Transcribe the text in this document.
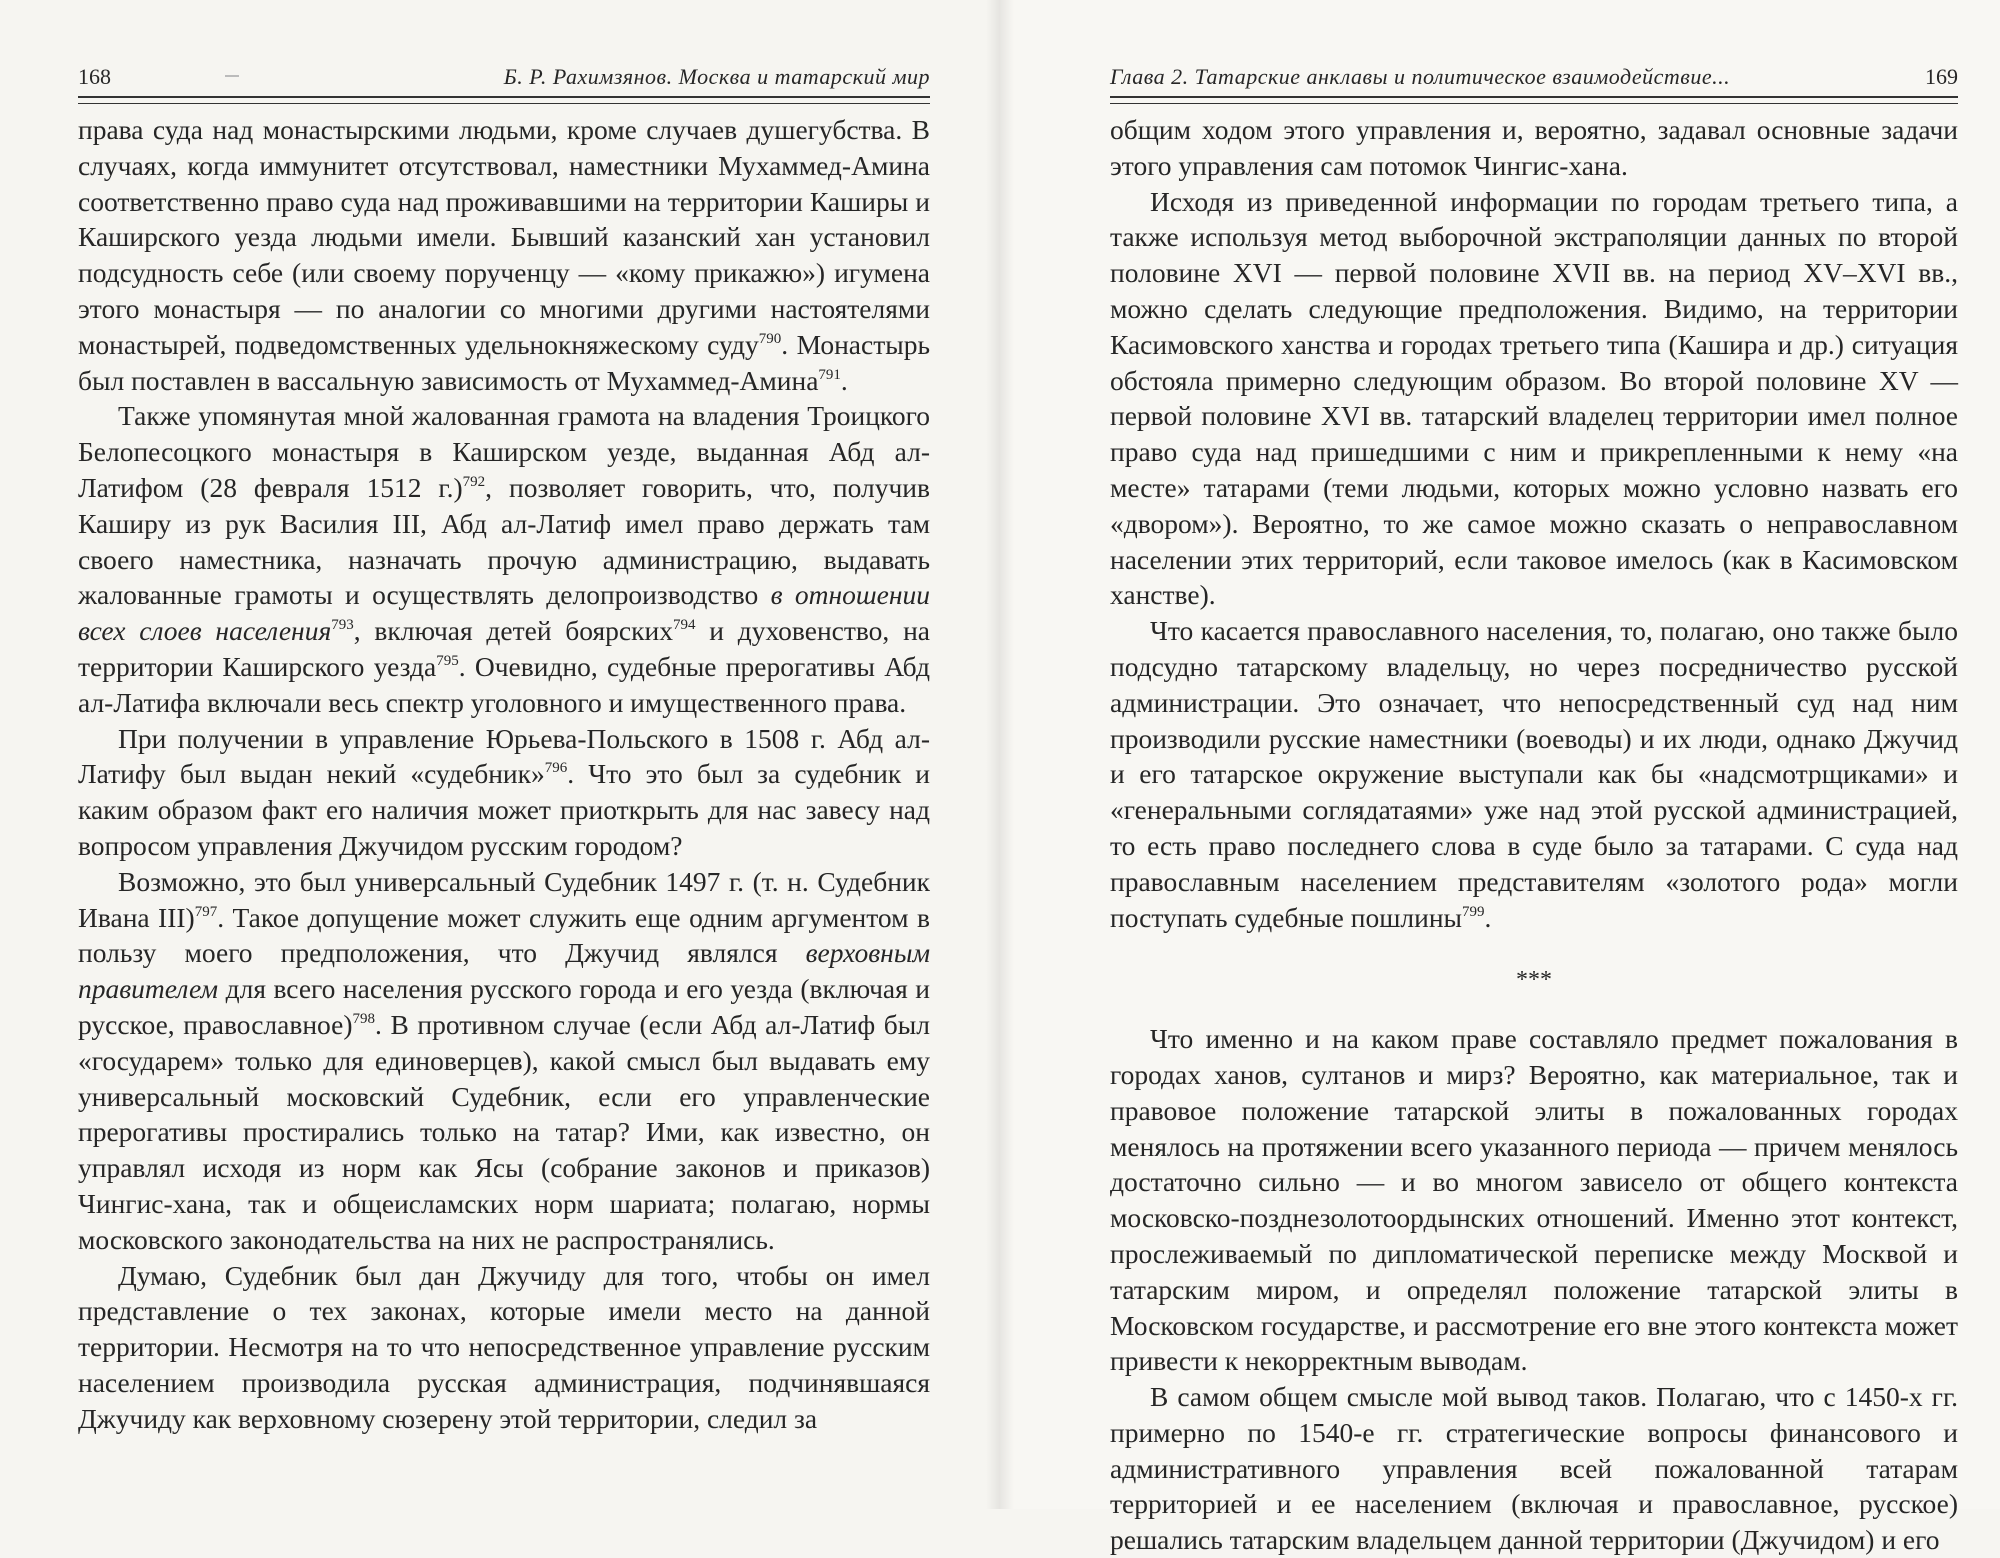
168	Б. Р. Рахимзянов. Москва и татарский мир

права суда над монастырскими людьми, кроме случаев душегубства. В случаях, когда иммунитет отсутствовал, наместники Мухаммед-Амина соответственно право суда над проживавшими на территории Каширы и Каширского уезда людьми имели. Бывший казанский хан установил подсудность себе (или своему порученцу — «кому прикажю») игумена этого монастыря — по аналогии со многими другими настоятелями монастырей, подведомственных удельнокняжескому суду$^{790}$. Монастырь был поставлен в вассальную зависимость от Мухаммед-Амина$^{791}$.

Также упомянутая мной жалованная грамота на владения Троицкого Белопесоцкого монастыря в Каширском уезде, выданная Абд ал-Латифом (28 февраля 1512 г.)$^{792}$, позволяет говорить, что, получив Каширу из рук Василия III, Абд ал-Латиф имел право держать там своего наместника, назначать прочую администрацию, выдавать жалованные грамоты и осуществлять делопроизводство в отношении всех слоев населения$^{793}$, включая детей боярских$^{794}$ и духовенство, на территории Каширского уезда$^{795}$. Очевидно, судебные прерогативы Абд ал-Латифа включали весь спектр уголовного и имущественного права.

При получении в управление Юрьева-Польского в 1508 г. Абд ал-Латифу был выдан некий «судебник»$^{796}$. Что это был за судебник и каким образом факт его наличия может приоткрыть для нас завесу над вопросом управления Джучидом русским городом?

Возможно, это был универсальный Судебник 1497 г. (т. н. Судебник Ивана III)$^{797}$. Такое допущение может служить еще одним аргументом в пользу моего предположения, что Джучид являлся верховным правителем для всего населения русского города и его уезда (включая и русское, православное)$^{798}$. В противном случае (если Абд ал-Латиф был «государем» только для единоверцев), какой смысл был выдавать ему универсальный московский Судебник, если его управленческие прерогативы простирались только на татар? Ими, как известно, он управлял исходя из норм как Ясы (собрание законов и приказов) Чингис-хана, так и общеисламских норм шариата; полагаю, нормы московского законодательства на них не распространялись.

Думаю, Судебник был дан Джучиду для того, чтобы он имел представление о тех законах, которые имели место на данной территории. Несмотря на то что непосредственное управление русским населением производила русская администрация, подчинявшаяся Джучиду как верховному сюзерену этой территории, следил за

Глава 2. Татарские анклавы и политическое взаимодействие...	169

общим ходом этого управления и, вероятно, задавал основные задачи этого управления сам потомок Чингис-хана.

Исходя из приведенной информации по городам третьего типа, а также используя метод выборочной экстраполяции данных по второй половине XVI — первой половине XVII вв. на период XV–XVI вв., можно сделать следующие предположения. Видимо, на территории Касимовского ханства и городах третьего типа (Кашира и др.) ситуация обстояла примерно следующим образом. Во второй половине XV — первой половине XVI вв. татарский владелец территории имел полное право суда над пришедшими с ним и прикрепленными к нему «на месте» татарами (теми людьми, которых можно условно назвать его «двором»). Вероятно, то же самое можно сказать о неправославном населении этих территорий, если таковое имелось (как в Касимовском ханстве).

Что касается православного населения, то, полагаю, оно также было подсудно татарскому владельцу, но через посредничество русской администрации. Это означает, что непосредственный суд над ним производили русские наместники (воеводы) и их люди, однако Джучид и его татарское окружение выступали как бы «надсмотрщиками» и «генеральными соглядатаями» уже над этой русской администрацией, то есть право последнего слова в суде было за татарами. С суда над православным населением представителям «золотого рода» могли поступать судебные пошлины$^{799}$.

***

Что именно и на каком праве составляло предмет пожалования в городах ханов, султанов и мирз? Вероятно, как материальное, так и правовое положение татарской элиты в пожалованных городах менялось на протяжении всего указанного периода — причем менялось достаточно сильно — и во многом зависело от общего контекста московско-позднезолотоордынских отношений. Именно этот контекст, прослеживаемый по дипломатической переписке между Москвой и татарским миром, и определял положение татарской элиты в Московском государстве, и рассмотрение его вне этого контекста может привести к некорректным выводам.

В самом общем смысле мой вывод таков. Полагаю, что с 1450-х гг. примерно по 1540-е гг. стратегические вопросы финансового и административного управления всей пожалованной татарам территорией и ее населением (включая и православное, русское) решались татарским владельцем данной территории (Джучидом) и его
